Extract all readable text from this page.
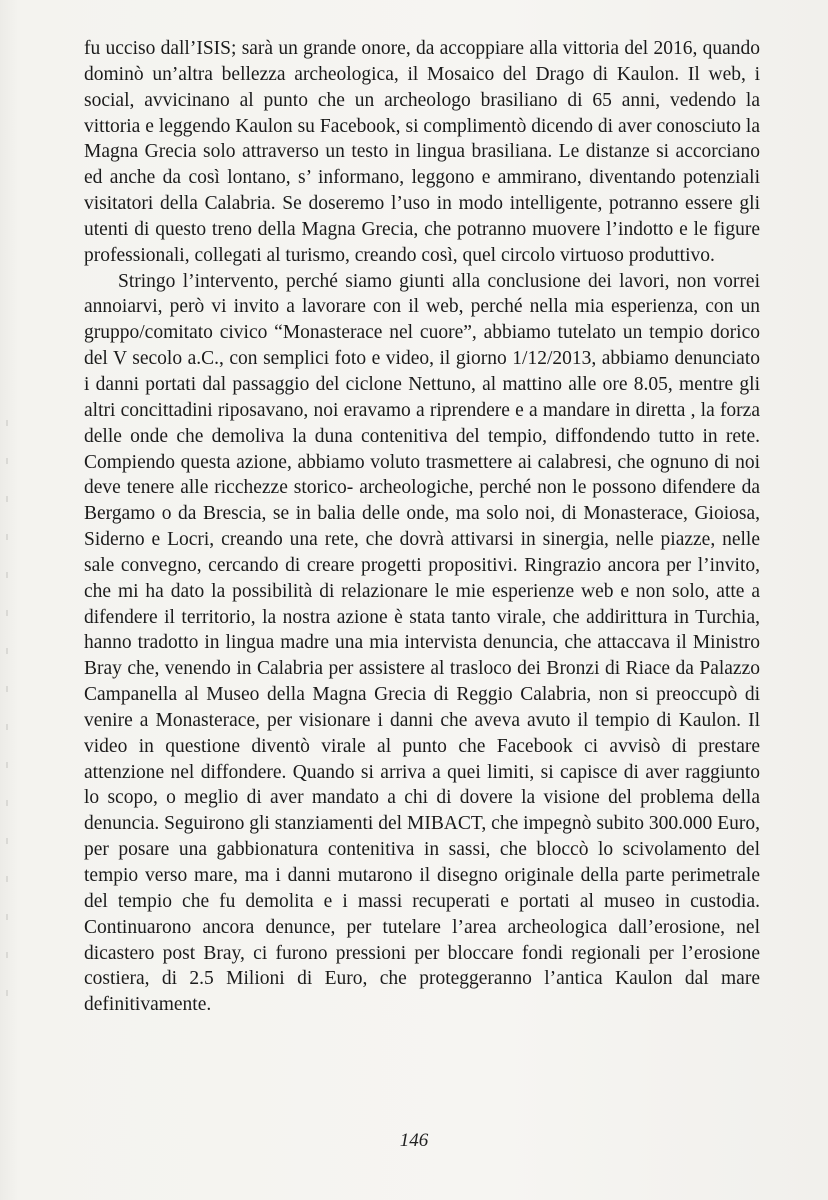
fu ucciso dall’ISIS; sarà un grande onore, da accoppiare alla vittoria del 2016, quando dominò un’altra bellezza archeologica, il Mosaico del Drago di Kaulon. Il web, i social, avvicinano al punto che un archeologo brasiliano di 65 anni, vedendo la vittoria e leggendo Kaulon su Facebook, si complimentò dicendo di aver conosciuto la Magna Grecia solo attraverso un testo in lingua brasiliana. Le distanze si accorciano ed anche da così lontano, s’ informano, leggono e ammirano, diventando potenziali visitatori della Calabria. Se doseremo l’uso in modo intelligente, potranno essere gli utenti di questo treno della Magna Grecia, che potranno muovere l’indotto e le figure professionali, collegati al turismo, creando così, quel circolo virtuoso produttivo.

Stringo l’intervento, perché siamo giunti alla conclusione dei lavori, non vorrei annoiarvi, però vi invito a lavorare con il web, perché nella mia esperienza, con un gruppo/comitato civico “Monasterace nel cuore”, abbiamo tutelato un tempio dorico del V secolo a.C., con semplici foto e video, il giorno 1/12/2013, abbiamo denunciato i danni portati dal passaggio del ciclone Nettuno, al mattino alle ore 8.05, mentre gli altri concittadini riposavano, noi eravamo a riprendere e a mandare in diretta , la forza delle onde che demoliva la duna contenitiva del tempio, diffondendo tutto in rete. Compiendo questa azione, abbiamo voluto trasmettere ai calabresi, che ognuno di noi deve tenere alle ricchezze storico- archeologiche, perché non le possono difendere da Bergamo o da Brescia, se in balia delle onde, ma solo noi, di Monasterace, Gioiosa, Siderno e Locri, creando una rete, che dovrà attivarsi in sinergia, nelle piazze, nelle sale convegno, cercando di creare progetti propositivi. Ringrazio ancora per l’invito, che mi ha dato la possibilità di relazionare le mie esperienze web e non solo, atte a difendere il territorio, la nostra azione è stata tanto virale, che addirittura in Turchia, hanno tradotto in lingua madre una mia intervista denuncia, che attaccava il Ministro Bray che, venendo in Calabria per assistere al trasloco dei Bronzi di Riace da Palazzo Campanella al Museo della Magna Grecia di Reggio Calabria, non si preoccupò di venire a Monasterace, per visionare i danni che aveva avuto il tempio di Kaulon. Il video in questione diventò virale al punto che Facebook ci avvisò di prestare attenzione nel diffondere. Quando si arriva a quei limiti, si capisce di aver raggiunto lo scopo, o meglio di aver mandato a chi di dovere la visione del problema della denuncia. Seguirono gli stanziamenti del MIBACT, che impegnò subito 300.000 Euro, per posare una gabbionatura contenitiva in sassi, che bloccò lo scivolamento del tempio verso mare, ma i danni mutarono il disegno originale della parte perimetrale del tempio che fu demolita e i massi recuperati e portati al museo in custodia. Continuarono ancora denunce, per tutelare l’area archeologica dall’erosione, nel dicastero post Bray, ci furono pressioni per bloccare fondi regionali per l’erosione costiera, di 2.5 Milioni di Euro, che proteggeranno l’antica Kaulon dal mare definitivamente.

146
